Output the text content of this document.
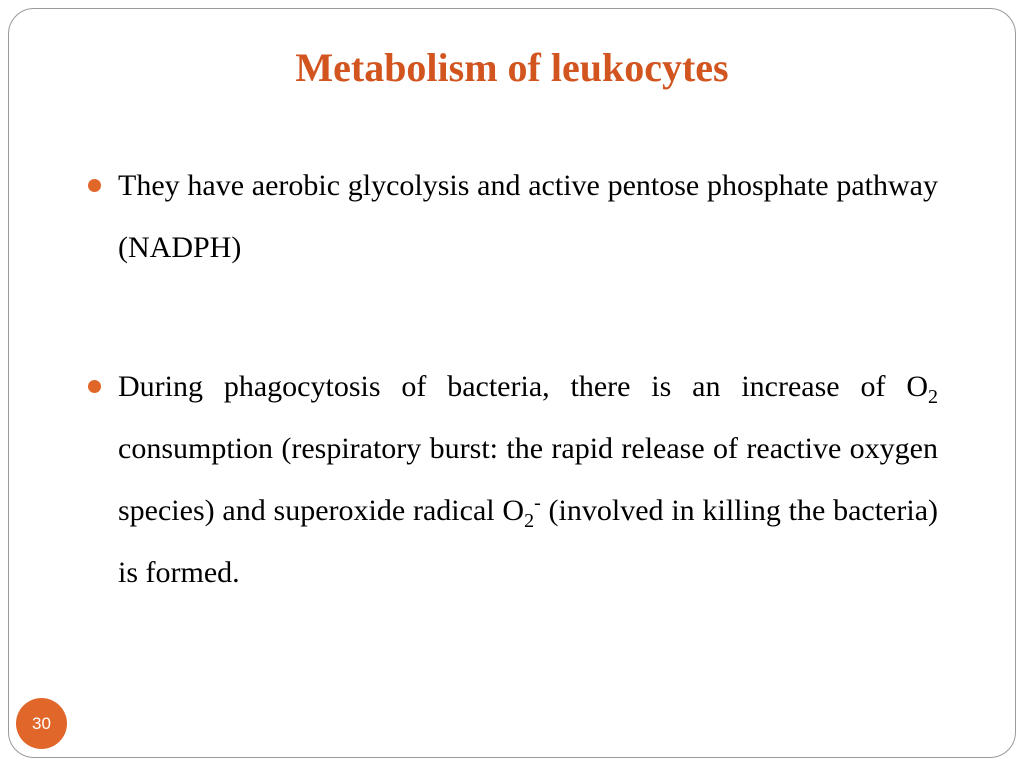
Metabolism of leukocytes
They have aerobic glycolysis and active pentose phosphate pathway (NADPH)
During phagocytosis of bacteria, there is an increase of $O_2$ consumption (respiratory burst: the rapid release of reactive oxygen species) and superoxide radical $O_2^-$ (involved in killing the bacteria) is formed.
30
